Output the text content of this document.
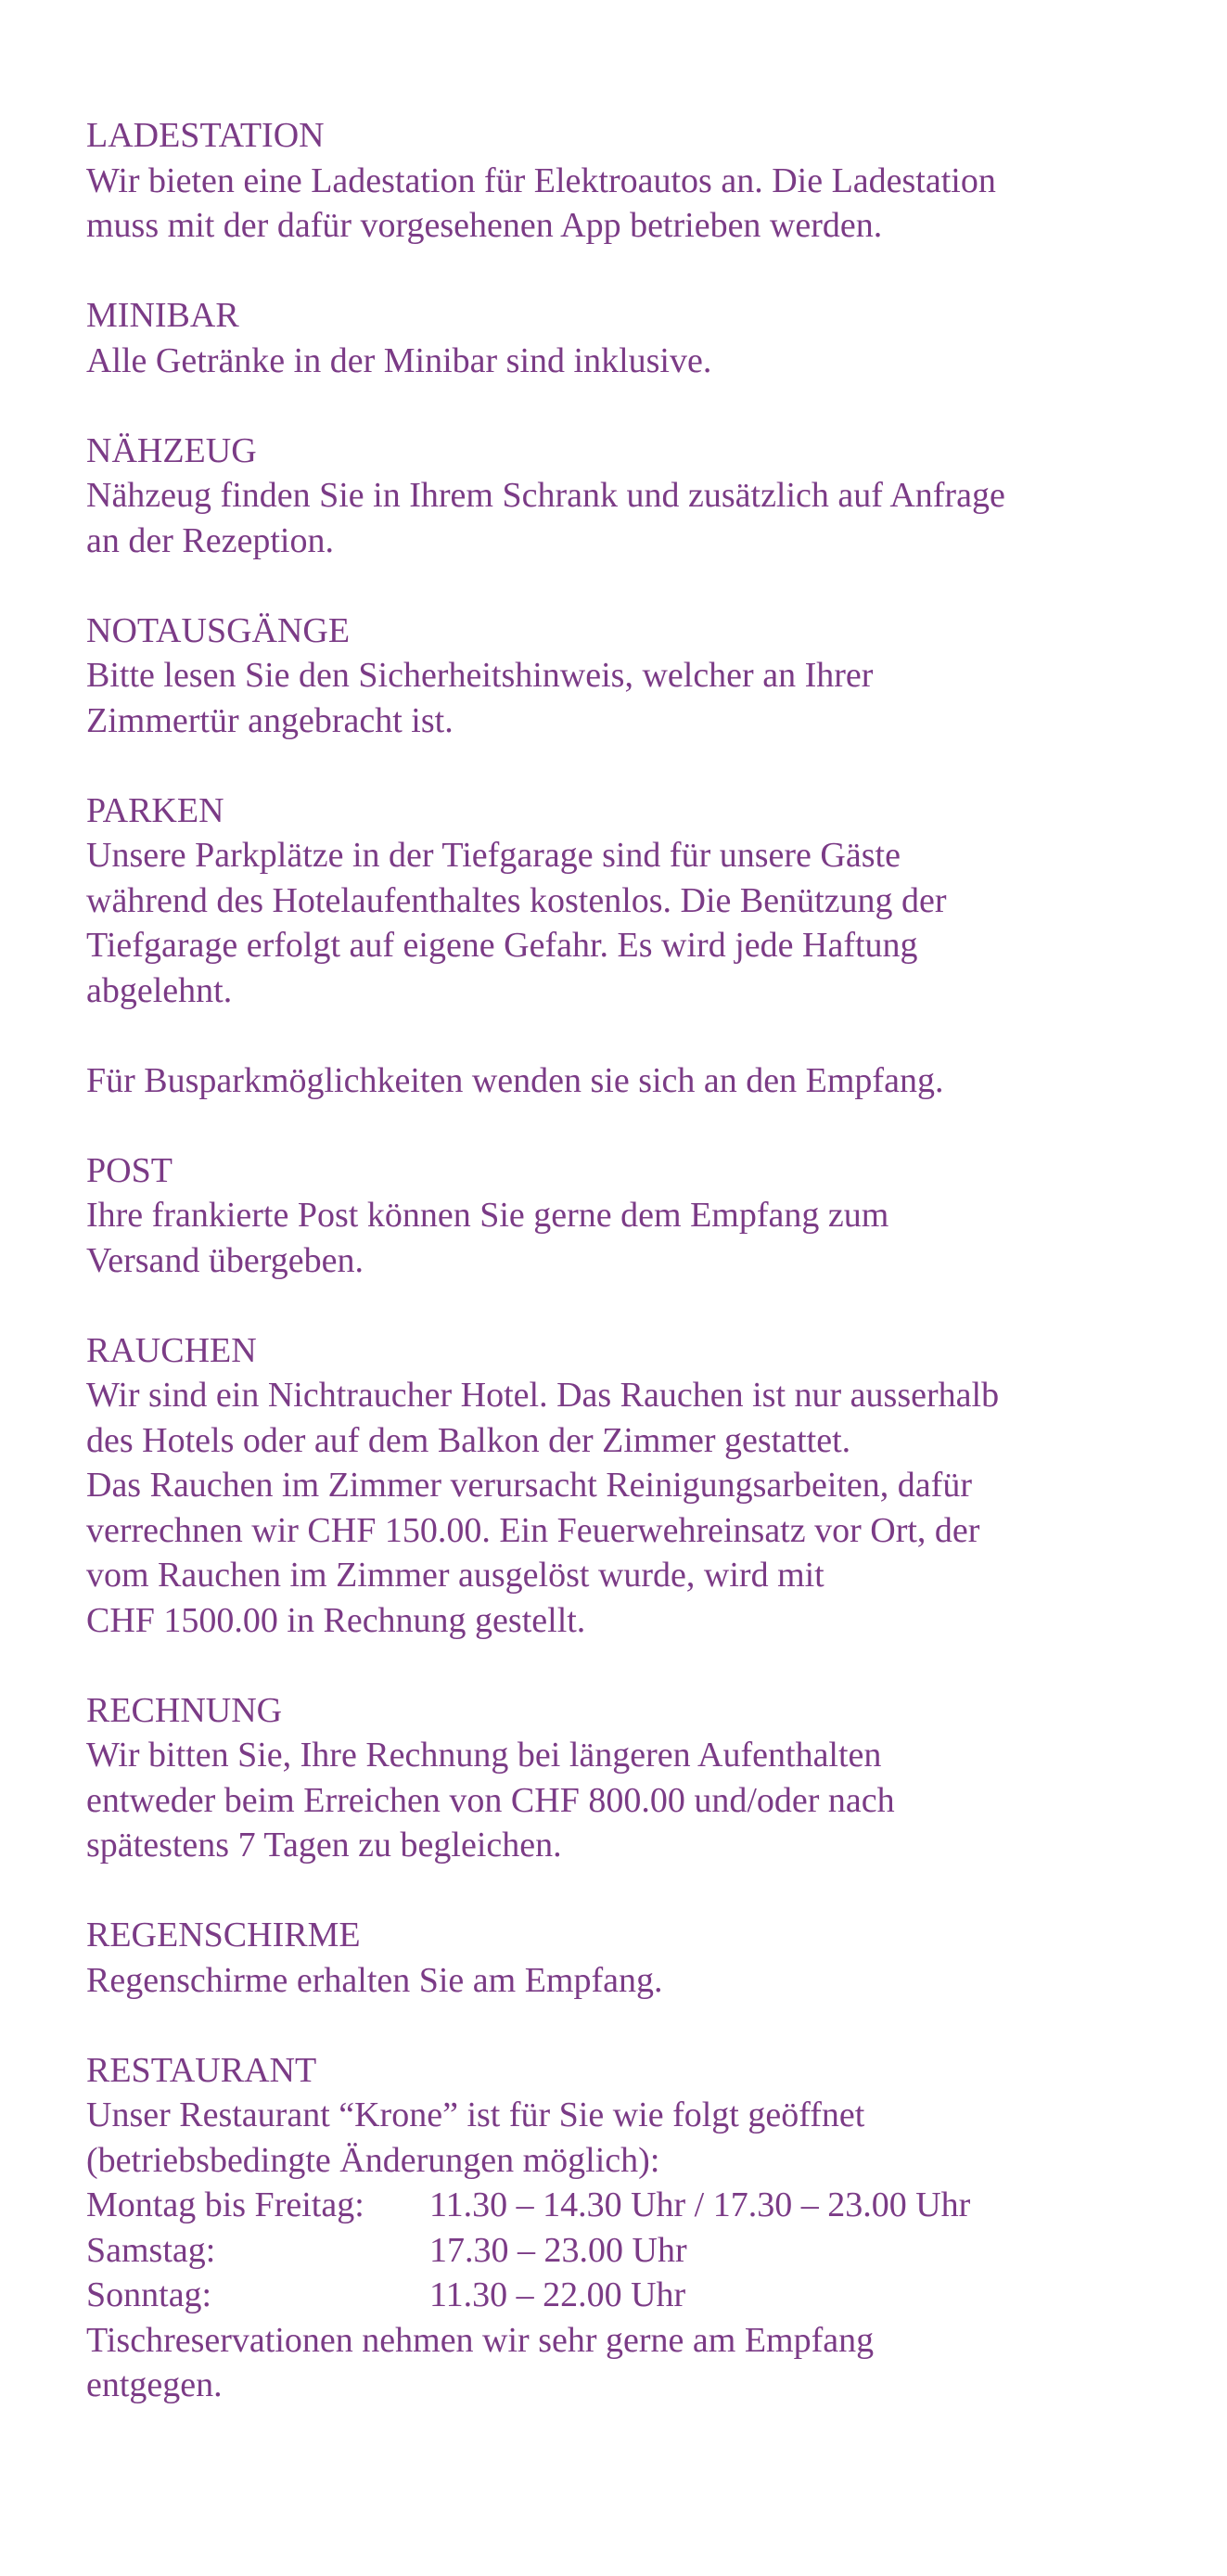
LADESTATION
Wir bieten eine Ladestation für Elektroautos an. Die Ladestation
muss mit der dafür vorgesehenen App betrieben werden.
MINIBAR
Alle Getränke in der Minibar sind inklusive.
NÄHZEUG
Nähzeug finden Sie in Ihrem Schrank und zusätzlich auf Anfrage
an der Rezeption.
NOTAUSGÄNGE
Bitte lesen Sie den Sicherheitshinweis, welcher an Ihrer
Zimmertür angebracht ist.
PARKEN
Unsere Parkplätze in der Tiefgarage sind für unsere Gäste
während des Hotelaufenthaltes kostenlos. Die Benützung der
Tiefgarage erfolgt auf eigene Gefahr. Es wird jede Haftung
abgelehnt.
Für Busparkmöglichkeiten wenden sie sich an den Empfang.
POST
Ihre frankierte Post können Sie gerne dem Empfang zum
Versand übergeben.
RAUCHEN
Wir sind ein Nichtraucher Hotel. Das Rauchen ist nur ausserhalb
des Hotels oder auf dem Balkon der Zimmer gestattet.
Das Rauchen im Zimmer verursacht Reinigungsarbeiten, dafür
verrechnen wir CHF 150.00. Ein Feuerwehreinsatz vor Ort, der
vom Rauchen im Zimmer ausgelöst wurde, wird mit
CHF 1500.00 in Rechnung gestellt.
RECHNUNG
Wir bitten Sie, Ihre Rechnung bei längeren Aufenthalten
entweder beim Erreichen von CHF 800.00 und/oder nach
spätestens 7 Tagen zu begleichen.
REGENSCHIRME
Regenschirme erhalten Sie am Empfang.
RESTAURANT
Unser Restaurant “Krone” ist für Sie wie folgt geöffnet
(betriebsbedingte Änderungen möglich):
Montag bis Freitag:	11.30 – 14.30 Uhr / 17.30 – 23.00 Uhr
Samstag:	17.30 – 23.00 Uhr
Sonntag:	11.30 – 22.00 Uhr
Tischreservationen nehmen wir sehr gerne am Empfang
entgegen.
